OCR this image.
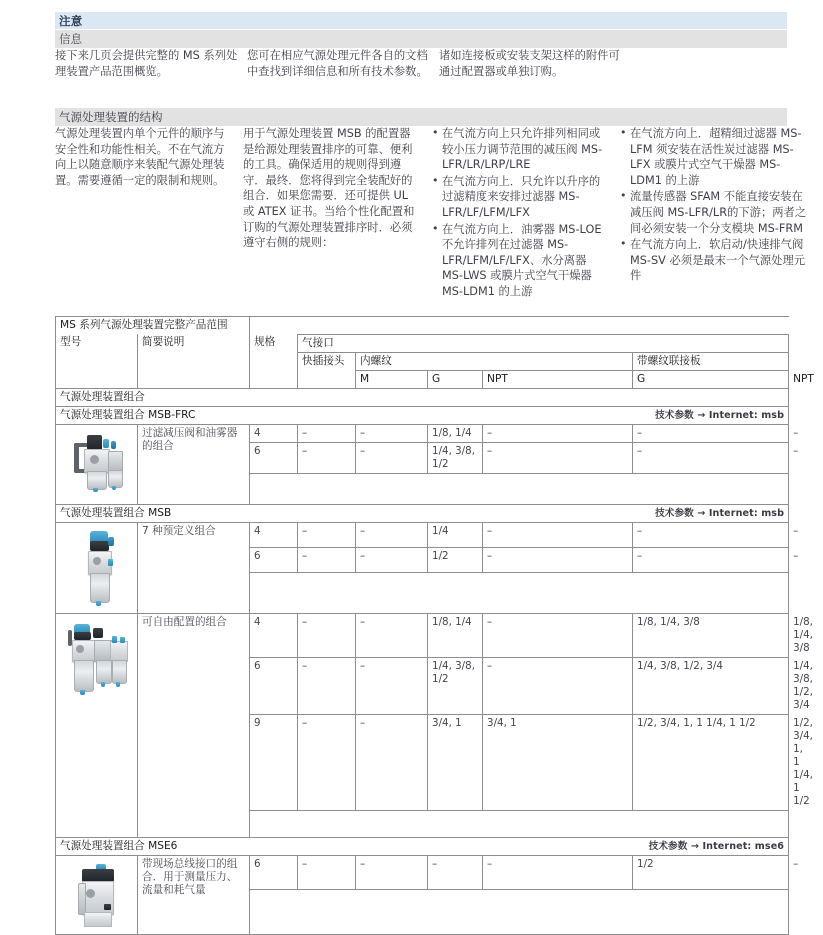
注意
信息
接下来几页会提供完整的 MS 系列处理装置产品范围概览。
您可在相应气源处理元件各自的文档中查找到详细信息和所有技术参数。
诸如连接板或安装支架这样的附件可通过配置器或单独订购。
气源处理装置的结构
气源处理装置内单个元件的顺序与安全性和功能性相关。不在气流方向上以随意顺序来装配气源处理装置。需要遵循一定的限制和规则。
用于气源处理装置 MSB 的配置器是给源处理装置排序的可靠、便利的工具。确保适用的规则得到遵守．最终．您将得到完全装配好的组合．如果您需要．还可提供 UL 或 ATEX 证书。当给个性化配置和订购的气源处理装置排序时．必须遵守右侧的规则：
• 在气流方向上只允许排列相同或较小压力调节范围的减压阀 MS-LFR/LR/LRP/LRE
• 在气流方向上．只允许以升序的过滤精度来安排过滤器 MS-LFR/LF/LFM/LFX
• 在气流方向上．油雾器 MS-LOE 不允许排列在过滤器 MS-LFR/LFM/LF/LFX、水分离器 MS-LWS 或膜片式空气干燥器 MS-LDM1 的上游
• 在气流方向上．超精细过滤器 MS-LFM 须安装在活性炭过滤器 MS-LFX 或膜片式空气干燥器 MS-LDM1 的上游
• 流量传感器 SFAM 不能直接安装在减压阀 MS-LFR/LR的下游；两者之间必须安装一个分支模块 MS-FRM
• 在气流方向上．软启动/快速排气阀 MS-SV 必须是最末一个气源处理元件
MS 系列气源处理装置完整产品范围								
型号	简要说明	规格	气接口					
			快插接头	内螺纹			带螺纹联接板	
				M	G	NPT	G	NPT
气源处理装置组合								
气源处理装置组合 MSB-FRC 技术参数 → Internet: msb								

	过滤减压阀和油雾器的组合	4	–	–	1/8, 1/4	–	–	–
		6	–	–	1/4, 3/8, 1/2	–	–	–

气源处理装置组合 MSB 技术参数 → Internet: msb								

	7 种预定义组合	4	–	–	1/4	–	–	–
		6	–	–	1/2	–	–	–

	可自由配置的组合	4	–	–	1/8, 1/4	–	1/8, 1/4, 3/8	1/8, 1/4, 3/8
		6	–	–	1/4, 3/8, 1/2	–	1/4, 3/8, 1/2, 3/4	1/4, 3/8, 1/2, 3/4
		9	–	–	3/4, 1	3/4, 1	1/2, 3/4, 1, 1 1/4, 1 1/2	1/2, 3/4, 1, 1 1/4, 1 1/2

气源处理装置组合 MSE6 技术参数 → Internet: mse6								

	带现场总线接口的组合．用于测量压力、流量和耗气量	6	–	–	–	–	1/2	–
